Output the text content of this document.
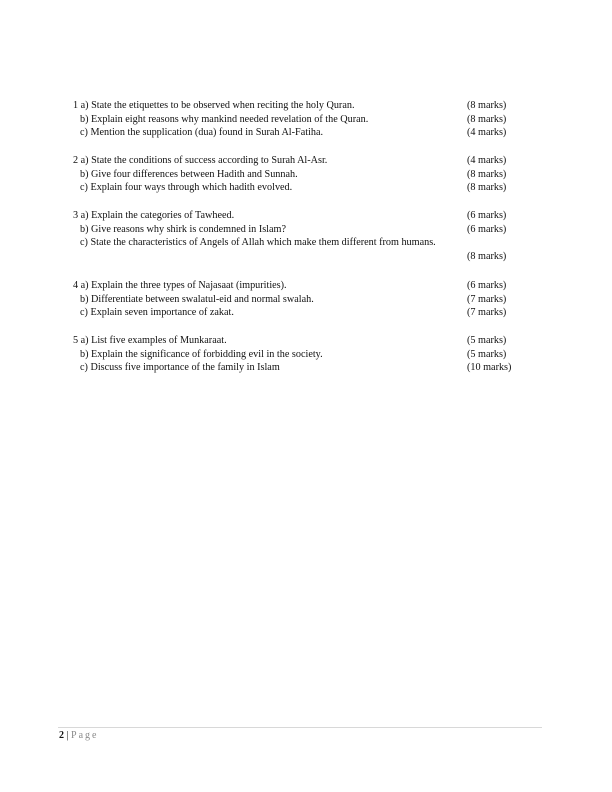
1 a) State the etiquettes to be observed when reciting the holy Quran.	(8 marks)
b) Explain eight reasons why mankind needed revelation of the Quran.	(8 marks)
c) Mention the supplication (dua) found in Surah Al-Fatiha.	(4 marks)
2 a) State the conditions of success according to Surah Al-Asr.	(4 marks)
b) Give four differences between Hadith and Sunnah.	(8 marks)
c) Explain four ways through which hadith evolved.	(8 marks)
3 a) Explain the categories of Tawheed.	(6 marks)
b) Give reasons why shirk is condemned in Islam?	(6 marks)
c) State the characteristics of Angels of Allah which make them different from humans.
(8 marks)
4 a) Explain the three types of Najasaat (impurities).	(6 marks)
b) Differentiate between swalatul-eid and normal swalah.	(7 marks)
c) Explain seven importance of zakat.	(7 marks)
5 a) List five examples of Munkaraat.	(5 marks)
b) Explain the significance of forbidding evil in the society.	(5 marks)
c) Discuss five importance of the family in Islam	(10 marks)
2 | Page
